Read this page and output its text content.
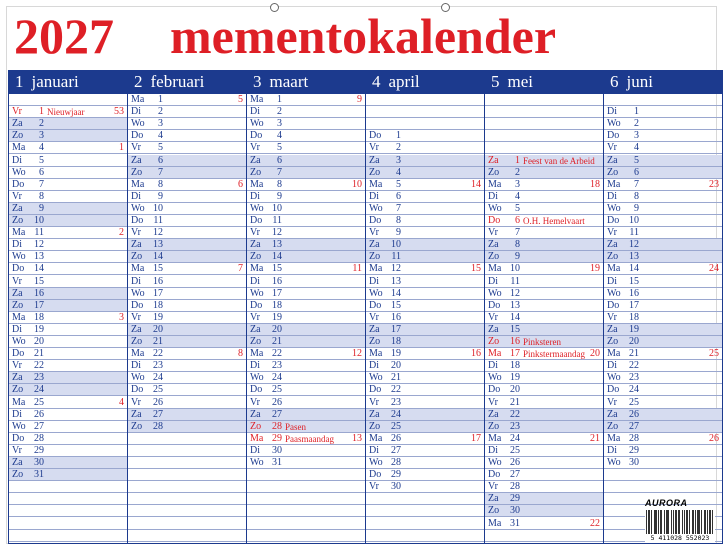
2027 mementokalender
1 januari
Vr	1 Nieuwjaar	53
Za	2
Zo	3
Ma	4	1
Di	5
Wo	6
Do	7
Vr	8
Za	9
Zo	10
Ma 11	2
Di	12
Wo 13
Do 14
Vr	15
Za	16
Zo	17
Ma 18	3
Di	19
Wo 20
Do 21
Vr	22
Za	23
Zo	24
Ma 25	4
Di	26
Wo 27
Do 28
Vr	29
Za	30
Zo	31
2 februari
Ma	1	5
Di	2
Wo	3
Do	4
Vr	5
Za	6
Zo	7
Ma	8	6
Di	9
Wo 10
Do	11
Vr	12
Za	13
Zo	14
Ma 15	7
Di	16
Wo 17
Do 18
Vr	19
Za	20
Zo	21
Ma 22	8
Di	23
Wo 24
Do 25
Vr	26
Za	27
Zo	28
3 maart
Ma	1	9
Di	2
Wo	3
Do	4
Vr	5
Za	6
Zo	7
Ma	8	10
Di	9
Wo 10
Do	11
Vr	12
Za	13
Zo	14
Ma 15	11
Di	16
Wo 17
Do 18
Vr	19
Za	20
Zo	21
Ma 22	12
Di	23
Wo 24
Do 25
Vr	26
Za	27
Zo	28 Pasen
Ma 29 Paasmaandag 13
Di	30
Wo 31
4 april
Do	1
Vr	2
Za	3
Zo	4
Ma	5	14
Di	6
Wo	7
Do	8
Vr	9
Za	10
Zo	11
Ma 12	15
Di	13
Wo 14
Do 15
Vr	16
Za	17
Zo	18
Ma 19	16
Di	20
Wo 21
Do 22
Vr	23
Za	24
Zo	25
Ma 26	17
Di	27
Wo 28
Do 29
Vr	30
5 mei
Za	1 Feest van de Arbeid
Zo	2
Ma	3	18
Di	4
Wo	5
Do	6 O.H. Hemelvaart
Vr	7
Za	8
Zo	9
Ma 10	19
Di	11
Wo 12
Do 13
Vr	14
Za	15
Zo	16 Pinksteren
Ma 17 Pinkstermaandag 20
Di	18
Wo 19
Do 20
Vr	21
Za	22
Zo	23
Ma 24	21
Di	25
Wo 26
Do 27
Vr	28
Za	29
Zo	30
Ma 31	22
6 juni
Di	1
Wo	2
Do	3
Vr	4
Za	5
Zo	6
Ma	7	23
Di	8
Wo	9
Do 10
Vr	11
Za	12
Zo	13
Ma 14	24
Di	15
Wo 16
Do 17
Vr	18
Za	19
Zo	20
Ma 21	25
Di	22
Wo 23
Do 24
Vr	25
Za	26
Zo	27
Ma 28	26
Di	29
Wo 30
AURORA
5 411028 552023
